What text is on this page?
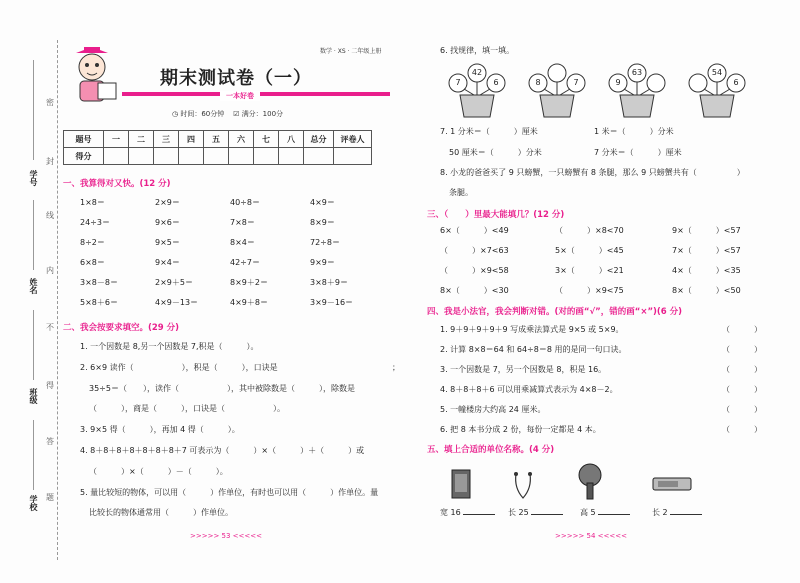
密
封
线
内
不
得
答
题
学号
姓名
班级
学校
数学 · XS · 二年级上册
期末测试卷（一）
一本好卷
◷ 时间：60分钟 ☑ 满分：100分
题号	一	二	三	四	五	六	七	八	总分	评卷人
得分										
一、我算得对又快。(12 分)
1×8＝	2×9＝	40÷8＝	4×9＝
24÷3＝	9×6＝	7×8＝	8×9＝
8÷2＝	9×5＝	8×4＝	72÷8＝
6×8＝	9×4＝	42÷7＝	9×9＝
3×8－8＝	2×9＋5＝	8×9＋2＝	3×8＋9＝
5×8＋6＝	4×9－13＝	4×9＋8＝	3×9－16＝
二、我会按要求填空。(29 分)
1. 一个因数是 8,另一个因数是 7,积是（　　　）。
2. 6×9 读作（　　　　　　），积是（　　　），口诀是	；
35÷5＝（　　），读作（　　　　　　），其中被除数是（　　　），除数是
（　　　），商是（　　　），口诀是（　　　　　　）。
3. 9×5 得（　　　），再加 4 得（　　　）。
4. 8＋8＋8＋8＋8＋8＋8＋7 可表示为（　　　）×（　　　）＋（　　　）或
（　　　）×（　　　）－（　　　）。
5. 量比较短的物体，可以用（　　　）作单位，有时也可以用（　　　）作单位。量
比较长的物体通常用（　　　）作单位。
>>>>> 53 <<<<<
6. 找规律，填一填。
42
7	6	8	7
63
9
54
6
7. 1 分米＝（　　　）厘米	1 米＝（　　　）分米
50 厘米＝（　　　）分米	7 分米＝（　　　）厘米
8. 小龙的爸爸买了 9 只螃蟹，一只螃蟹有 8 条腿，那么 9 只螃蟹共有（　　　　　）
条腿。
三、（　　）里最大能填几？(12 分)
6×（　　　）<49	（　　　）×8<70	9×（　　　）<57
（　　　）×7<63	5×（　　　）<45	7×（　　　）<57
（　　　）×9<58	3×（　　　）<21	4×（　　　）<35
8×（　　　）<30	（　　　）×9<75	8×（　　　）<50
四、我是小法官，我会判断对错。(对的画“√”，错的画“×”)(6 分)
1. 9＋9＋9＋9＋9 写成乘法算式是 9×5 或 5×9。	（　　　）
2. 计算 8×8＝64 和 64÷8＝8 用的是同一句口诀。	（　　　）
3. 一个因数是 7，另一个因数是 8，积是 16。	（　　　）
4. 8＋8＋8＋6 可以用乘减算式表示为 4×8－2。	（　　　）
5. 一幢楼房大约高 24 厘米。	（　　　）
6. 把 8 本书分成 2 份，每份一定都是 4 本。	（　　　）
五、填上合适的单位名称。(4 分)
宽 16	长 25	高 5	长 2
>>>>> 54 <<<<<
